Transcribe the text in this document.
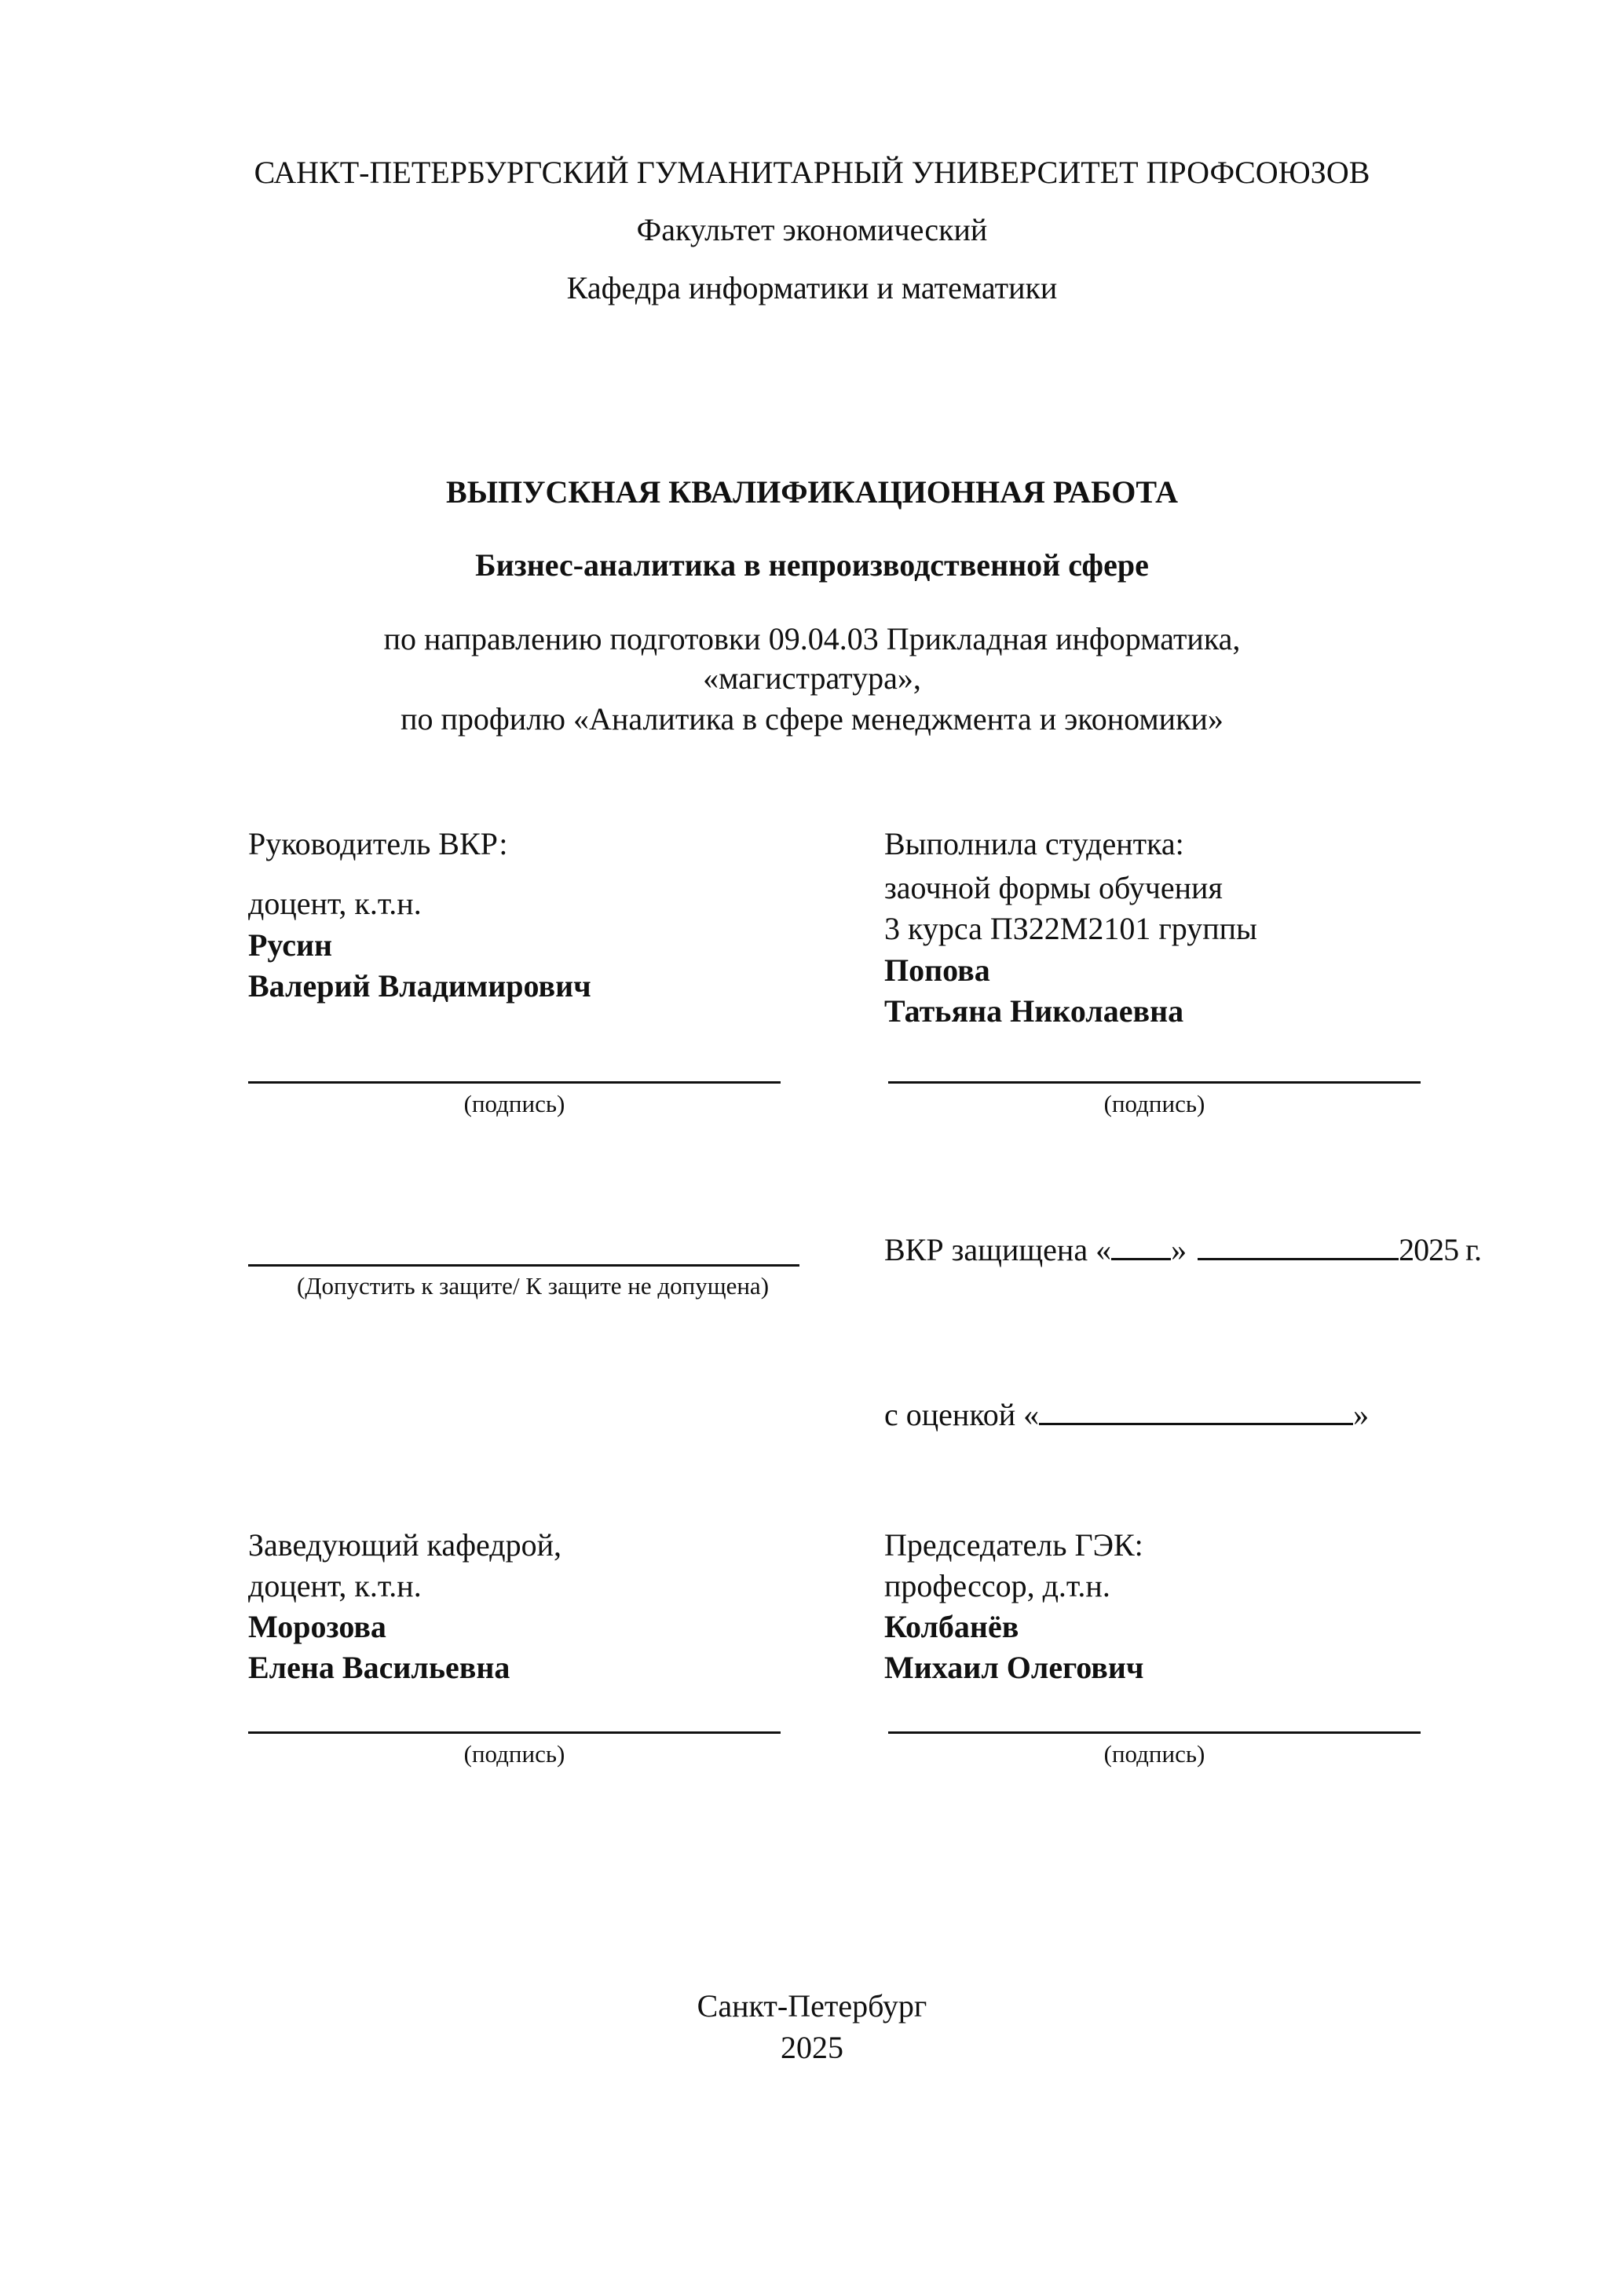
САНКТ-ПЕТЕРБУРГСКИЙ ГУМАНИТАРНЫЙ УНИВЕРСИТЕТ ПРОФСОЮЗОВ
Факультет экономический
Кафедра информатики и математики
ВЫПУСКНАЯ КВАЛИФИКАЦИОННАЯ РАБОТА
Бизнес-аналитика в непроизводственной сфере
по направлению подготовки 09.04.03 Прикладная информатика,
«магистратура»,
по профилю «Аналитика в сфере менеджмента и экономики»
Руководитель ВКР:
доцент, к.т.н.
Русин
Валерий Владимирович
(подпись)
Выполнила студентка:
заочной формы обучения
3 курса ПЗ22М2101 группы
Попова
Татьяна Николаевна
(подпись)
(Допустить к защите/ К защите не допущена)
ВКР защищена « »	2025 г.
с оценкой «	»
Заведующий кафедрой,
доцент, к.т.н.
Морозова
Елена Васильевна
(подпись)
Председатель ГЭК:
профессор, д.т.н.
Колбанёв
Михаил Олегович
(подпись)
Санкт-Петербург
2025
